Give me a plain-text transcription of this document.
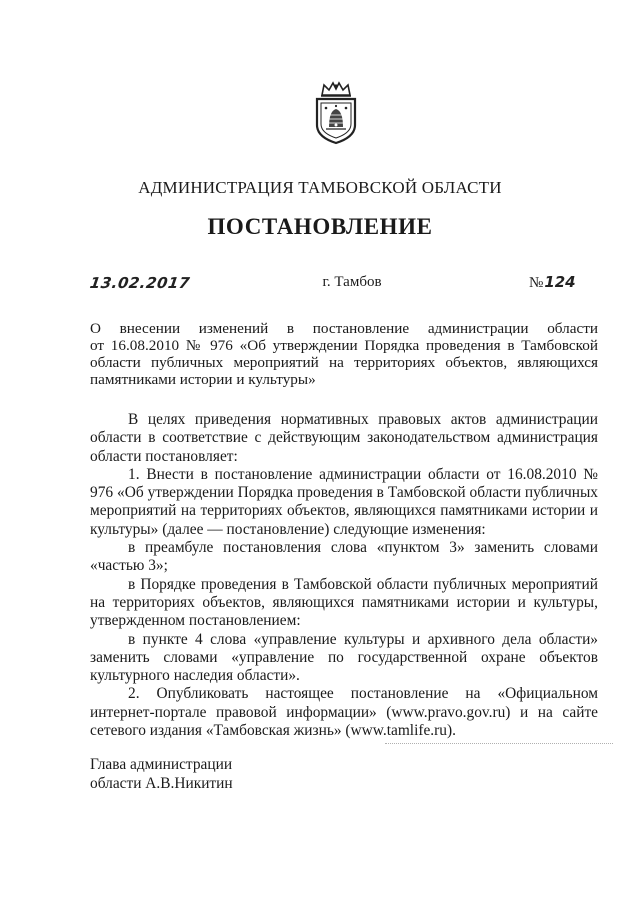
АДМИНИСТРАЦИЯ ТАМБОВСКОЙ ОБЛАСТИ
ПОСТАНОВЛЕНИЕ
13.02.2017	г. Тамбов	№124
О внесении изменений в постановление администрации области
от 16.08.2010 № 976 «Об утверждении Порядка проведения в Тамбовской области публичных мероприятий на территориях объектов, являющихся памятниками истории и культуры»

В целях приведения нормативных правовых актов администрации области в соответствие с действующим законодательством администрация области постановляет:

1. Внести в постановление администрации области от 16.08.2010 № 976 «Об утверждении Порядка проведения в Тамбовской области публичных мероприятий на территориях объектов, являющихся памятниками истории и культуры» (далее — постановление) следующие изменения:

в преамбуле постановления слова «пунктом 3» заменить словами «частью 3»;

в Порядке проведения в Тамбовской области публичных мероприятий на территориях объектов, являющихся памятниками истории и культуры, утвержденном постановлением:

в пункте 4 слова «управление культуры и архивного дела области» заменить словами «управление по государственной охране объектов культурного наследия области».

2. Опубликовать настоящее постановление на «Официальном интернет-портале правовой информации» (www.pravo.gov.ru) и на сайте сетевого издания «Тамбовская жизнь» (www.tamlife.ru).

Глава администрации
области А.В.Никитин
